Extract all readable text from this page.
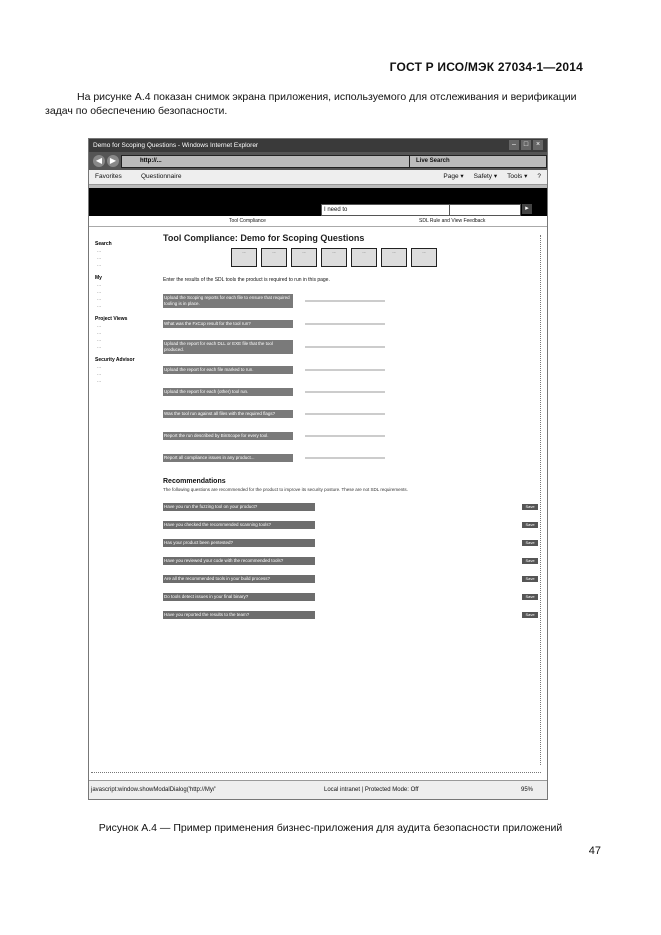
ГОСТ Р ИСО/МЭК 27034-1—2014
На рисунке А.4 показан снимок экрана приложения, используемого для отслеживания и верификации задач по обеспечению безопасности.
Demo for Scoping Questions - Windows Internet Explorer	–	□	×
◀ ▶	http://...	Live Search
Favorites	Questionnaire	Page ▾ Safety ▾ Tools ▾ ?
I need to	▸
Tool Compliance	SDL Rule and View Feedback
Search
...
...
...
My
...
...
...
...
Project Views
...
...
...
...
Security Advisor
...
...
...
Tool Compliance: Demo for Scoping Questions
...	...	...	...	...	...	...
Enter the results of the SDL tools the product is required to run in this page.
Upload the Scoping reports for each file to ensure that required tooling is in place.
What was the FxCop result for the tool run?
Upload the report for each DLL or EXE file that the tool produced.
Upload the report for each file marked to run.
Upload the report for each (other) tool run.
Was the tool run against all files with the required flags?
Report the run described by BinScope for every tool.
Report all compliance issues in any product...
Recommendations
The following questions are recommended for the product to improve its security posture. These are not SDL requirements.
Have you run the fuzzing tool on your product?	Save
Have you checked the recommended scanning tools?	Save
Has your product been pentested?	Save
Have you reviewed your code with the recommended tools?	Save
Are all the recommended tools in your build process?	Save
Do tools detect issues in your final binary?	Save
Have you reported the results to the team?	Save
javascript:window.showModalDialog('http://My/'	Local intranet | Protected Mode: Off	95%
Рисунок А.4 — Пример применения бизнес-приложения для аудита безопасности приложений
47
